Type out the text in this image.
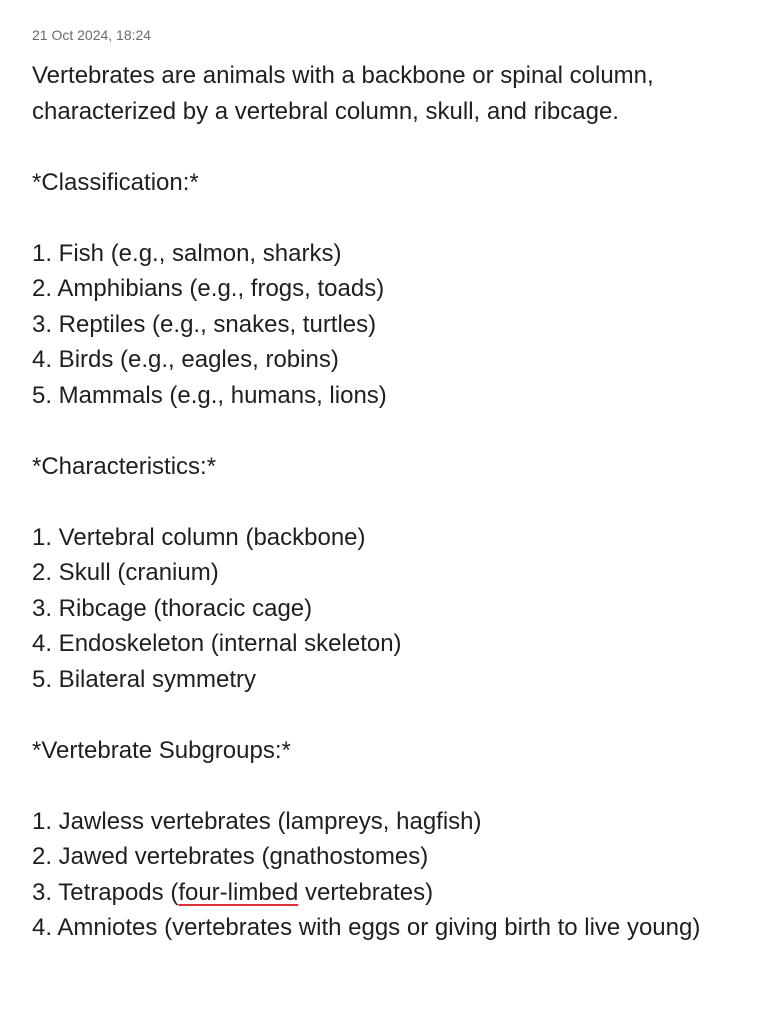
21 Oct 2024, 18:24

Vertebrates are animals with a backbone or spinal column, characterized by a vertebral column, skull, and ribcage.

*Classification:*

1. Fish (e.g., salmon, sharks)

2. Amphibians (e.g., frogs, toads)

3. Reptiles (e.g., snakes, turtles)

4. Birds (e.g., eagles, robins)

5. Mammals (e.g., humans, lions)

*Characteristics:*

1. Vertebral column (backbone)

2. Skull (cranium)

3. Ribcage (thoracic cage)

4. Endoskeleton (internal skeleton)

5. Bilateral symmetry

*Vertebrate Subgroups:*

1. Jawless vertebrates (lampreys, hagfish)

2. Jawed vertebrates (gnathostomes)

3. Tetrapods (four-limbed vertebrates)

4. Amniotes (vertebrates with eggs or giving birth to live young)
